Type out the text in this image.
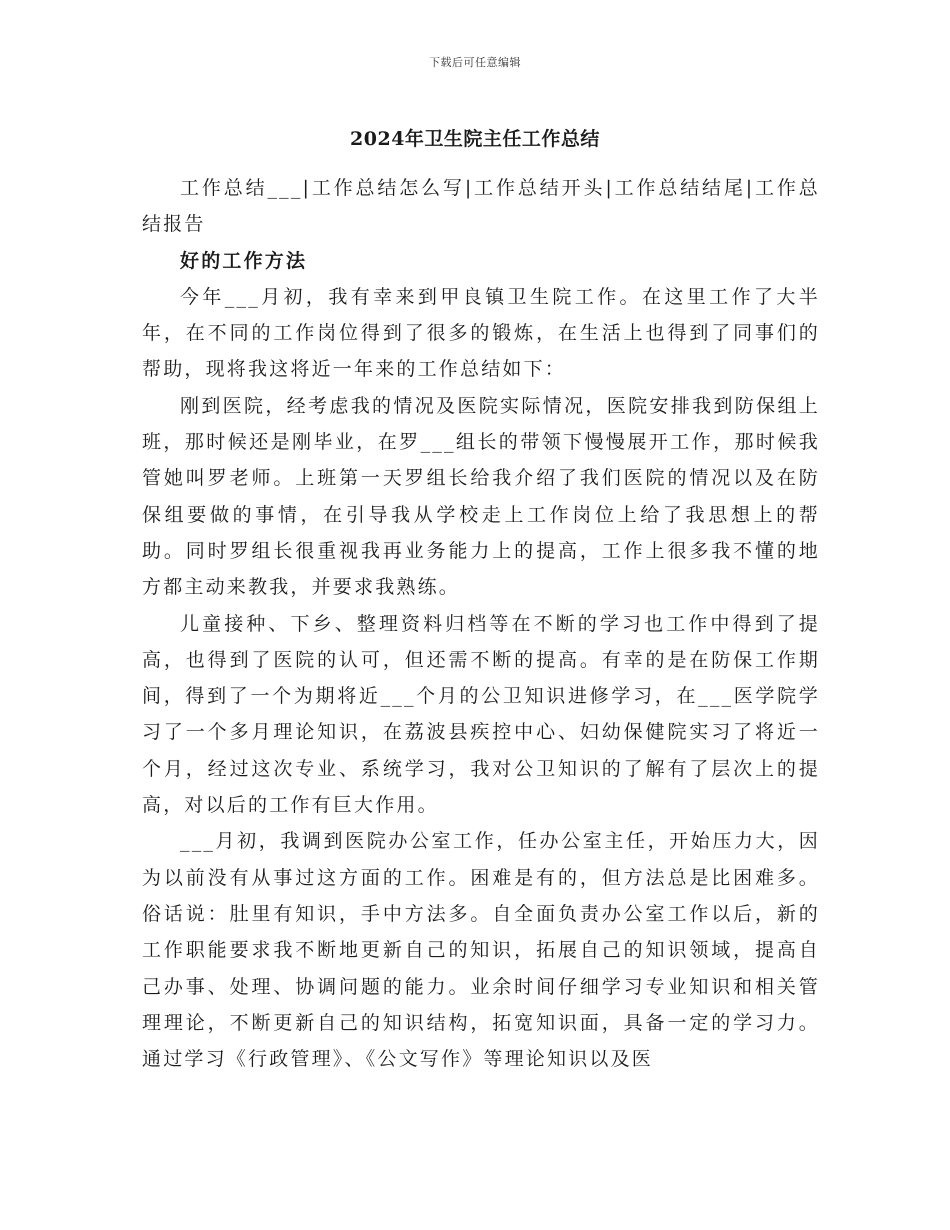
下载后可任意编辑
2024年卫生院主任工作总结

工作总结___|工作总结怎么写|工作总结开头|工作总结结尾|工作总结报告

好的工作方法

今年___月初，我有幸来到甲良镇卫生院工作。在这里工作了大半年，在不同的工作岗位得到了很多的锻炼，在生活上也得到了同事们的帮助，现将我这将近一年来的工作总结如下：

刚到医院，经考虑我的情况及医院实际情况，医院安排我到防保组上班，那时候还是刚毕业，在罗___组长的带领下慢慢展开工作，那时候我管她叫罗老师。上班第一天罗组长给我介绍了我们医院的情况以及在防保组要做的事情，在引导我从学校走上工作岗位上给了我思想上的帮助。同时罗组长很重视我再业务能力上的提高，工作上很多我不懂的地方都主动来教我，并要求我熟练。

儿童接种、下乡、整理资料归档等在不断的学习也工作中得到了提高，也得到了医院的认可，但还需不断的提高。有幸的是在防保工作期间，得到了一个为期将近___个月的公卫知识进修学习，在___医学院学习了一个多月理论知识，在荔波县疾控中心、妇幼保健院实习了将近一个月，经过这次专业、系统学习，我对公卫知识的了解有了层次上的提高，对以后的工作有巨大作用。

___月初，我调到医院办公室工作，任办公室主任，开始压力大，因为以前没有从事过这方面的工作。困难是有的，但方法总是比困难多。俗话说：肚里有知识，手中方法多。自全面负责办公室工作以后，新的工作职能要求我不断地更新自己的知识，拓展自己的知识领域，提高自己办事、处理、协调问题的能力。业余时间仔细学习专业知识和相关管理理论，不断更新自己的知识结构，拓宽知识面，具备一定的学习力。通过学习《行政管理》、《公文写作》等理论知识以及医
